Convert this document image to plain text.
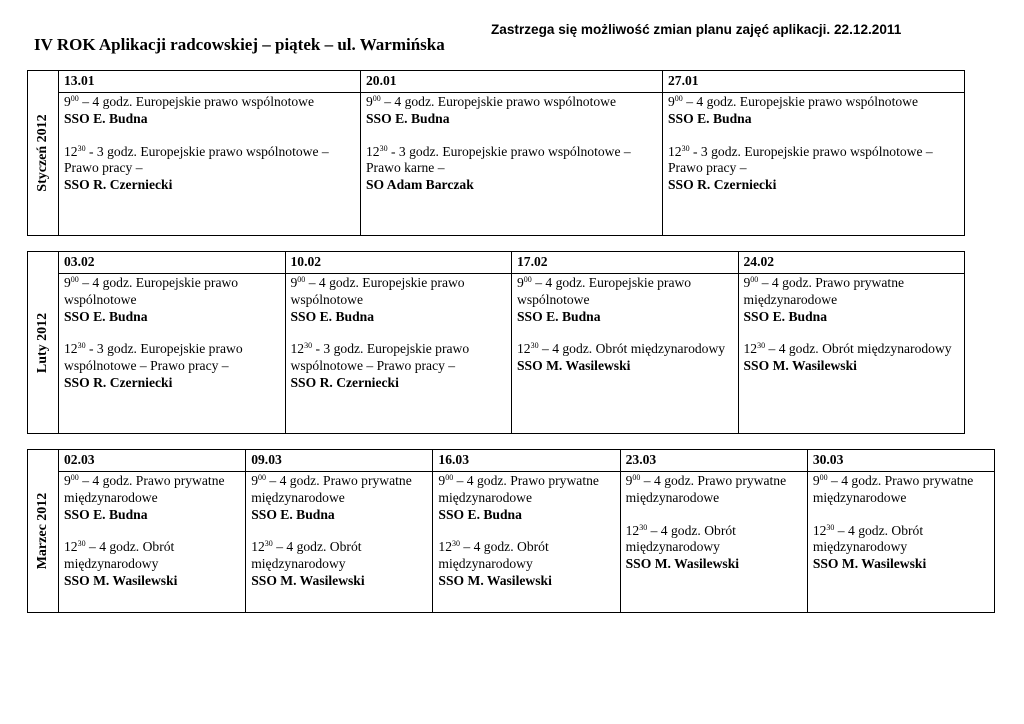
IV ROK Aplikacji radcowskiej – piątek – ul. Warmińska
Zastrzega się możliwość zmian planu zajęć aplikacji. 22.12.2011
Styczeń 2012
13.01

$9^{00} - 4$ godz. Europejskie prawo wspólnotowe

SSO E. Budna

$12^{30} - 3$ godz. Europejskie prawo wspólnotowe – Prawo pracy –

SSO R. Czerniecki

20.01

$9^{00} - 4$ godz. Europejskie prawo wspólnotowe

SSO E. Budna

$12^{30} - 3$ godz. Europejskie prawo wspólnotowe – Prawo karne –

SO Adam Barczak

27.01

$9^{00} - 4$ godz. Europejskie prawo wspólnotowe

SSO E. Budna

$12^{30} - 3$ godz. Europejskie prawo wspólnotowe – Prawo pracy –

SSO R. Czerniecki

Luty 2012
03.02

$9^{00} - 4$ godz. Europejskie prawo wspólnotowe

SSO E. Budna

$12^{30} - 3$ godz. Europejskie prawo wspólnotowe – Prawo pracy –

SSO R. Czerniecki

10.02

$9^{00} - 4$ godz. Europejskie prawo wspólnotowe

SSO E. Budna

$12^{30} - 3$ godz. Europejskie prawo wspólnotowe – Prawo pracy –

SSO R. Czerniecki

17.02

$9^{00} - 4$ godz. Europejskie prawo wspólnotowe

SSO E. Budna

$12^{30} - 4$ godz. Obrót międzynarodowy

SSO M. Wasilewski

24.02

$9^{00} - 4$ godz. Prawo prywatne międzynarodowe

SSO E. Budna

$12^{30} - 4$ godz. Obrót międzynarodowy

SSO M. Wasilewski

Marzec 2012
02.03

$9^{00} - 4$ godz. Prawo prywatne międzynarodowe

SSO E. Budna

$12^{30} - 4$ godz. Obrót międzynarodowy

SSO M. Wasilewski

09.03

$9^{00} - 4$ godz. Prawo prywatne międzynarodowe

SSO E. Budna

$12^{30} - 4$ godz. Obrót międzynarodowy

SSO M. Wasilewski

16.03

$9^{00} - 4$ godz. Prawo prywatne międzynarodowe

SSO E. Budna

$12^{30} - 4$ godz. Obrót międzynarodowy

SSO M. Wasilewski

23.03

$9^{00} - 4$ godz. Prawo prywatne międzynarodowe

$12^{30} - 4$ godz. Obrót międzynarodowy

SSO M. Wasilewski

30.03

$9^{00} - 4$ godz. Prawo prywatne międzynarodowe

$12^{30} - 4$ godz. Obrót międzynarodowy

SSO M. Wasilewski
